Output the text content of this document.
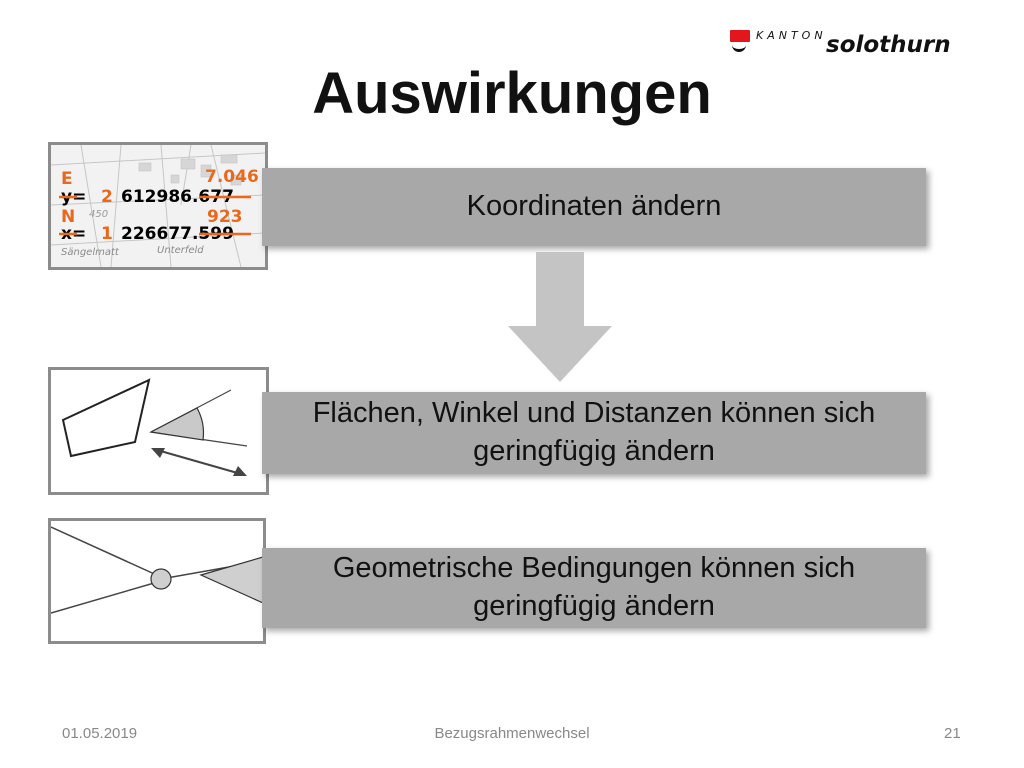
KANTON solothurn
Auswirkungen
450
Sängelmatt	Unterfeld
E	7.046
y= 2 612986.677
N	923
x= 1 226677.599
Koordinaten ändern
Flächen, Winkel und Distanzen können sich geringfügig ändern
Geometrische Bedingungen können sich geringfügig ändern
01.05.2019	Bezugsrahmenwechsel	21
